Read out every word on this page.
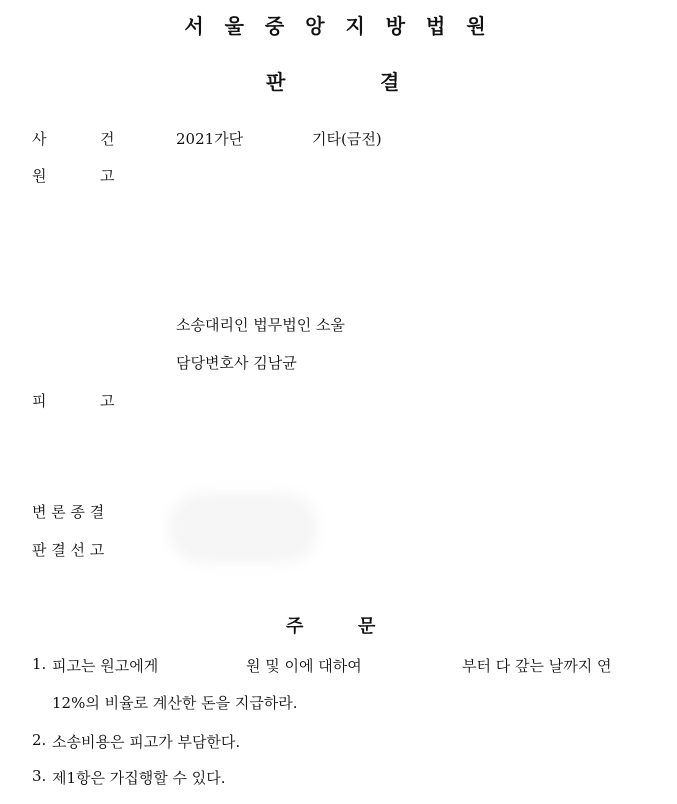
서 울 중 앙 지 방 법 원
판	결
사	건	2021가단	기타(금전)
원	고
소송대리인 법무법인 소울
담당변호사 김남균
피	고
변 론 종 결
판 결 선 고
주	문
1. 피고는 원고에게	원 및 이에 대하여	부터 다 갚는 날까지 연
12%의 비율로 계산한 돈을 지급하라.
2. 소송비용은 피고가 부담한다.
3. 제1항은 가집행할 수 있다.
